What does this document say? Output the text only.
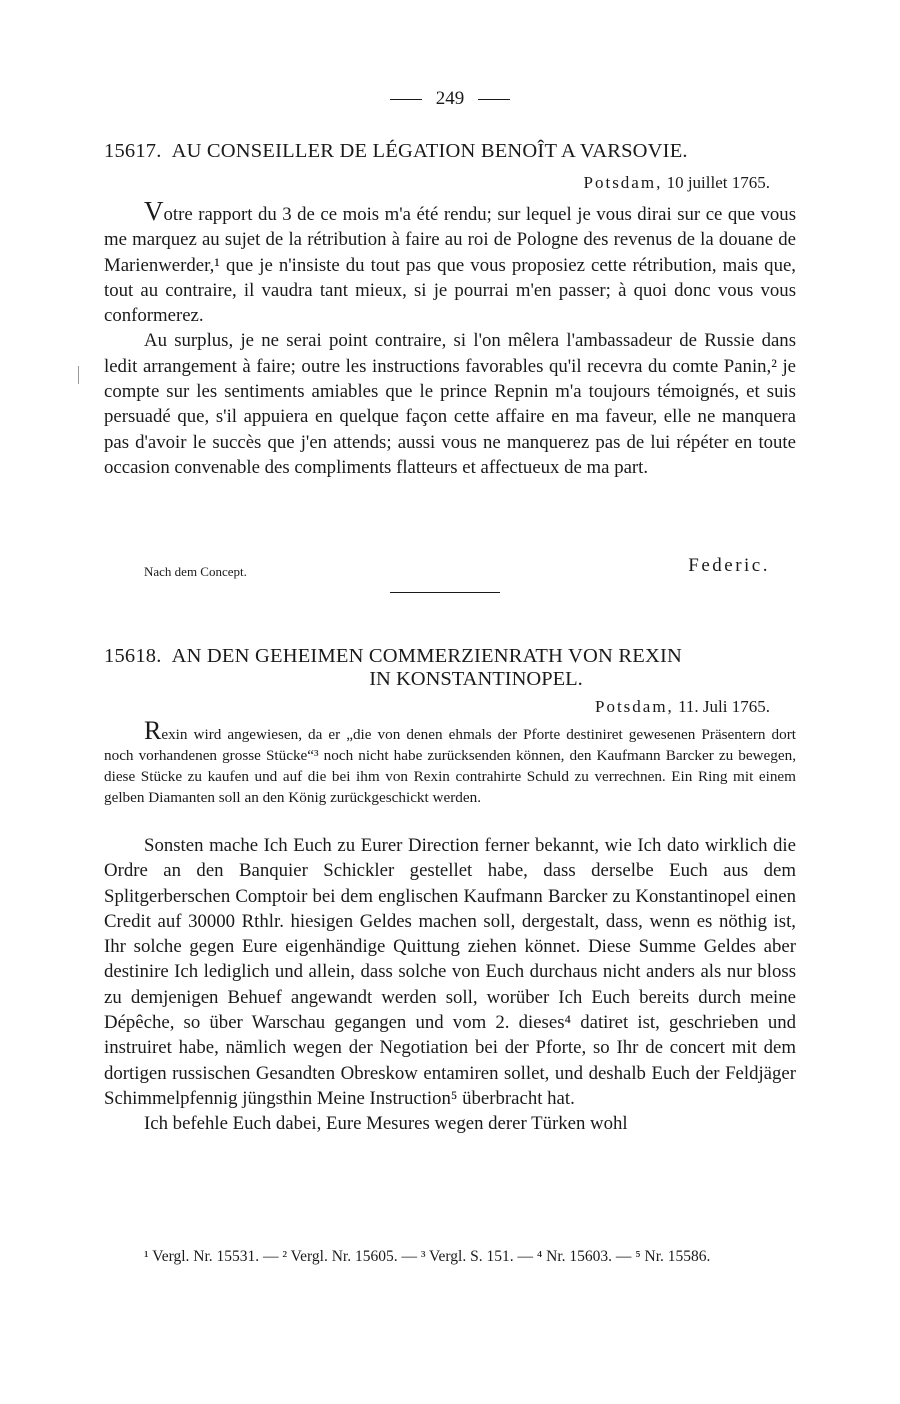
249
15617. AU CONSEILLER DE LÉGATION BENOÎT A VARSOVIE.
Potsdam, 10 juillet 1765.

Votre rapport du 3 de ce mois m'a été rendu; sur lequel je vous dirai sur ce que vous me marquez au sujet de la rétribution à faire au roi de Pologne des revenus de la douane de Marienwerder,¹ que je n'insiste du tout pas que vous proposiez cette rétribution, mais que, tout au contraire, il vaudra tant mieux, si je pourrai m'en passer; à quoi donc vous vous conformerez.

Au surplus, je ne serai point contraire, si l'on mêlera l'ambassadeur de Russie dans ledit arrangement à faire; outre les instructions favorables qu'il recevra du comte Panin,² je compte sur les sentiments amiables que le prince Repnin m'a toujours témoignés, et suis persuadé que, s'il appuiera en quelque façon cette affaire en ma faveur, elle ne manquera pas d'avoir le succès que j'en attends; aussi vous ne manquerez pas de lui répéter en toute occasion convenable des compliments flatteurs et affectueux de ma part.

Nach dem Concept.	Federic.
15618. AN DEN GEHEIMEN COMMERZIENRATH VON REXIN
IN KONSTANTINOPEL.
Potsdam, 11. Juli 1765.

Rexin wird angewiesen, da er „die von denen ehmals der Pforte destiniret gewesenen Präsentern dort noch vorhandenen grosse Stücke“³ noch nicht habe zurücksenden können, den Kaufmann Barcker zu bewegen, diese Stücke zu kaufen und auf die bei ihm von Rexin contrahirte Schuld zu verrechnen. Ein Ring mit einem gelben Diamanten soll an den König zurückgeschickt werden.

Sonsten mache Ich Euch zu Eurer Direction ferner bekannt, wie Ich dato wirklich die Ordre an den Banquier Schickler gestellet habe, dass derselbe Euch aus dem Splitgerberschen Comptoir bei dem englischen Kaufmann Barcker zu Konstantinopel einen Credit auf 30000 Rthlr. hiesigen Geldes machen soll, dergestalt, dass, wenn es nöthig ist, Ihr solche gegen Eure eigenhändige Quittung ziehen könnet. Diese Summe Geldes aber destinire Ich lediglich und allein, dass solche von Euch durchaus nicht anders als nur bloss zu demjenigen Behuef angewandt werden soll, worüber Ich Euch bereits durch meine Dépêche, so über Warschau gegangen und vom 2. dieses⁴ datiret ist, geschrieben und instruiret habe, nämlich wegen der Negotiation bei der Pforte, so Ihr de concert mit dem dortigen russischen Gesandten Obreskow entamiren sollet, und deshalb Euch der Feldjäger Schimmelpfennig jüngsthin Meine Instruction⁵ überbracht hat.

Ich befehle Euch dabei, Eure Mesures wegen derer Türken wohl

¹ Vergl. Nr. 15531. — ² Vergl. Nr. 15605. — ³ Vergl. S. 151. — ⁴ Nr. 15603. — ⁵ Nr. 15586.
